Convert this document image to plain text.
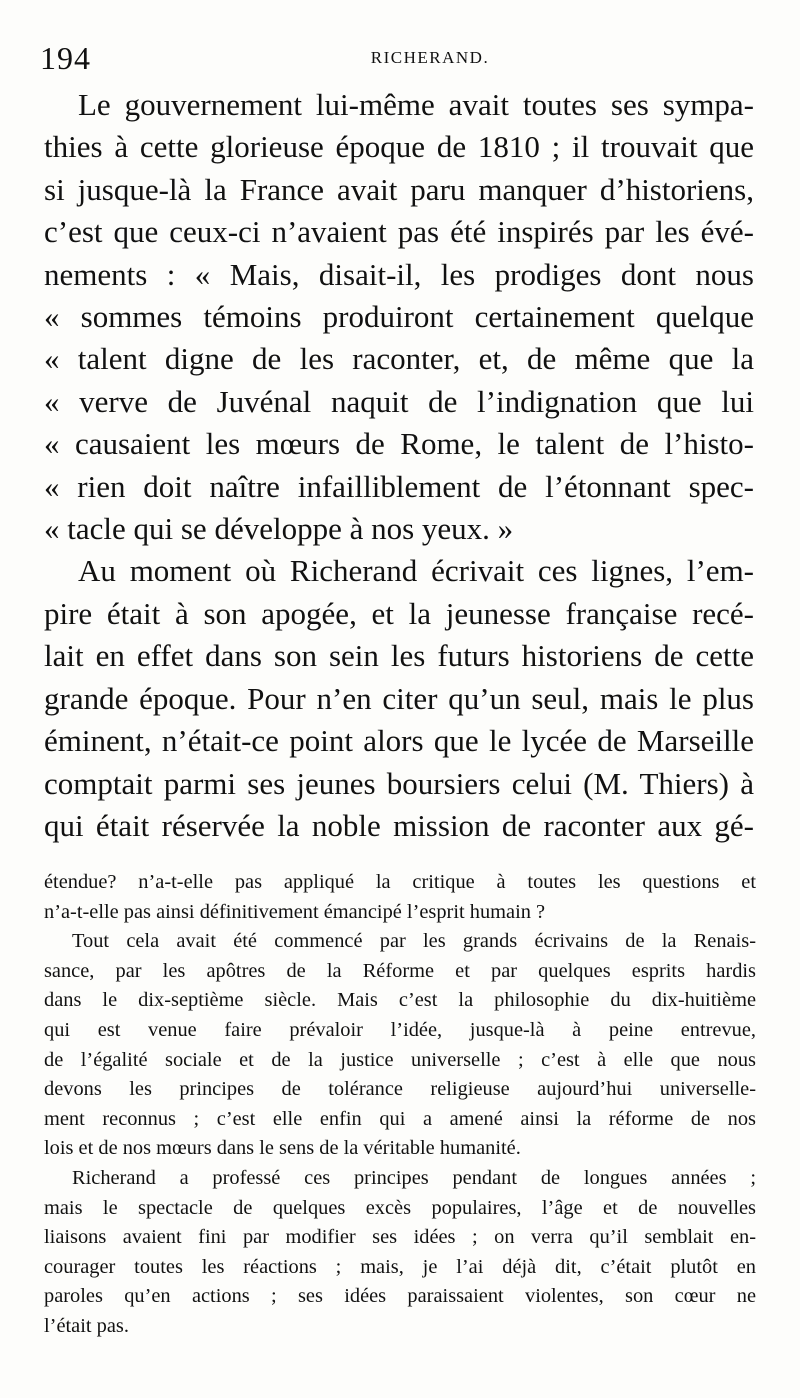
194	RICHERAND.
Le gouvernement lui-même avait toutes ses sympa-
thies à cette glorieuse époque de 1810 ; il trouvait que
si jusque-là la France avait paru manquer d’historiens,
c’est que ceux-ci n’avaient pas été inspirés par les évé-
nements : « Mais, disait-il, les prodiges dont nous
« sommes témoins produiront certainement quelque
« talent digne de les raconter, et, de même que la
« verve de Juvénal naquit de l’indignation que lui
« causaient les mœurs de Rome, le talent de l’histo-
« rien doit naître infailliblement de l’étonnant spec-
« tacle qui se développe à nos yeux. »
Au moment où Richerand écrivait ces lignes, l’em-
pire était à son apogée, et la jeunesse française recé-
lait en effet dans son sein les futurs historiens de cette
grande époque. Pour n’en citer qu’un seul, mais le plus
éminent, n’était-ce point alors que le lycée de Marseille
comptait parmi ses jeunes boursiers celui (M. Thiers) à
qui était réservée la noble mission de raconter aux gé-
étendue? n’a-t-elle pas appliqué la critique à toutes les questions et
n’a-t-elle pas ainsi définitivement émancipé l’esprit humain ?
Tout cela avait été commencé par les grands écrivains de la Renais-
sance, par les apôtres de la Réforme et par quelques esprits hardis
dans le dix-septième siècle. Mais c’est la philosophie du dix-huitième
qui est venue faire prévaloir l’idée, jusque-là à peine entrevue,
de l’égalité sociale et de la justice universelle ; c’est à elle que nous
devons les principes de tolérance religieuse aujourd’hui universelle-
ment reconnus ; c’est elle enfin qui a amené ainsi la réforme de nos
lois et de nos mœurs dans le sens de la véritable humanité.
Richerand a professé ces principes pendant de longues années ;
mais le spectacle de quelques excès populaires, l’âge et de nouvelles
liaisons avaient fini par modifier ses idées ; on verra qu’il semblait en-
courager toutes les réactions ; mais, je l’ai déjà dit, c’était plutôt en
paroles qu’en actions ; ses idées paraissaient violentes, son cœur ne
l’était pas.
